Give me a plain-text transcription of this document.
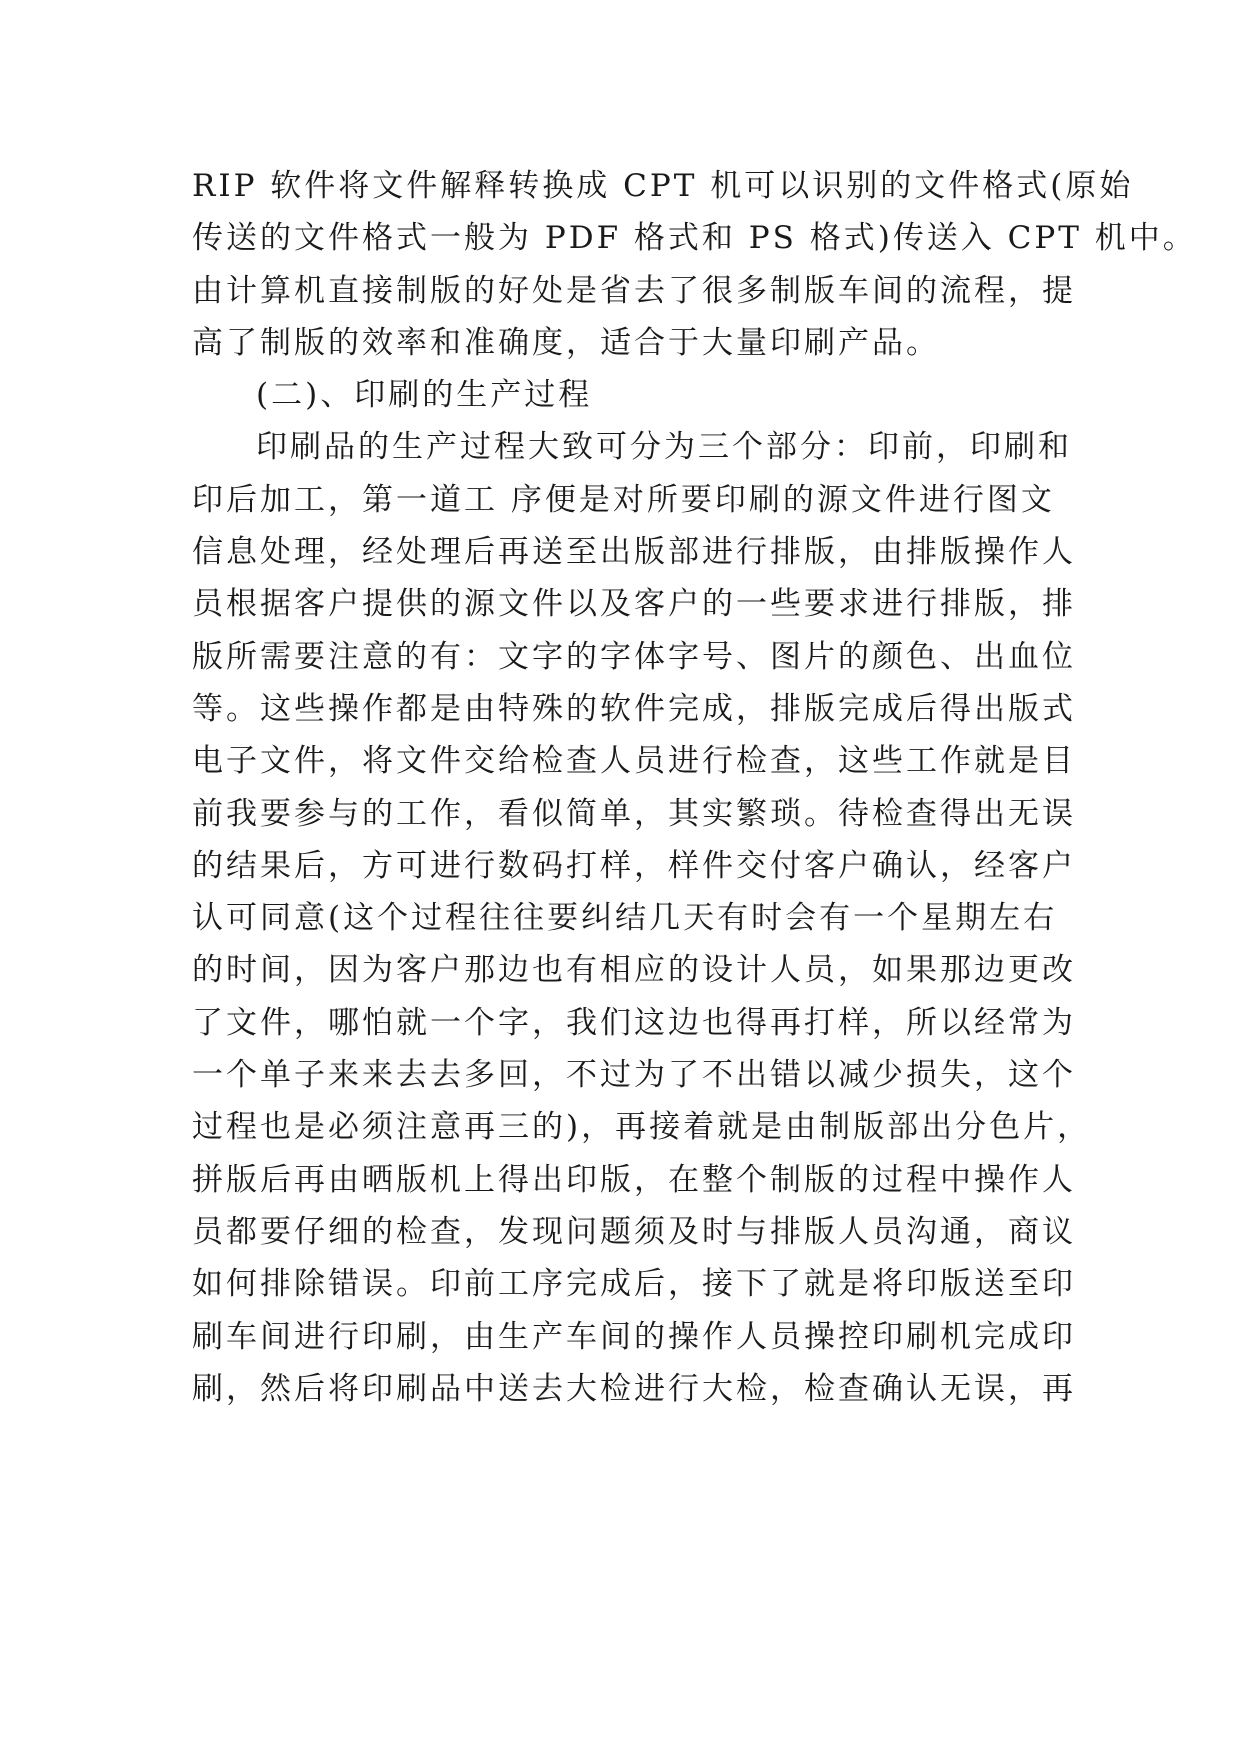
RIP 软件将文件解释转换成 CPT 机可以识别的文件格式(原始
传送的文件格式一般为 PDF 格式和 PS 格式)传送入 CPT 机中。
由计算机直接制版的好处是省去了很多制版车间的流程，提
高了制版的效率和准确度，适合于大量印刷产品。
(二)、印刷的生产过程
印刷品的生产过程大致可分为三个部分：印前，印刷和
印后加工，第一道工 序便是对所要印刷的源文件进行图文
信息处理，经处理后再送至出版部进行排版，由排版操作人
员根据客户提供的源文件以及客户的一些要求进行排版，排
版所需要注意的有：文字的字体字号、图片的颜色、出血位
等。这些操作都是由特殊的软件完成，排版完成后得出版式
电子文件，将文件交给检查人员进行检查，这些工作就是目
前我要参与的工作，看似简单，其实繁琐。待检查得出无误
的结果后，方可进行数码打样，样件交付客户确认，经客户
认可同意(这个过程往往要纠结几天有时会有一个星期左右
的时间，因为客户那边也有相应的设计人员，如果那边更改
了文件，哪怕就一个字，我们这边也得再打样，所以经常为
一个单子来来去去多回，不过为了不出错以减少损失，这个
过程也是必须注意再三的)，再接着就是由制版部出分色片，
拼版后再由晒版机上得出印版，在整个制版的过程中操作人
员都要仔细的检查，发现问题须及时与排版人员沟通，商议
如何排除错误。印前工序完成后，接下了就是将印版送至印
刷车间进行印刷，由生产车间的操作人员操控印刷机完成印
刷，然后将印刷品中送去大检进行大检，检查确认无误，再
